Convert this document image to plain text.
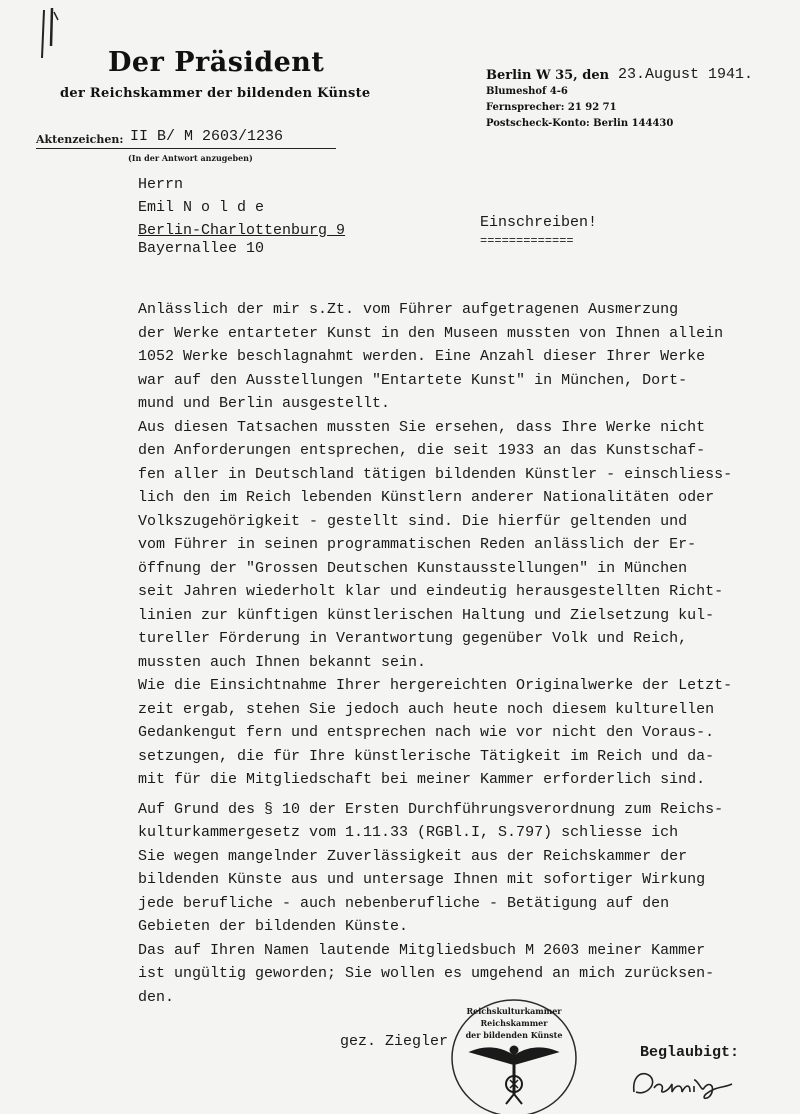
Der Präsident
der Reichskammer der bildenden Künste
Berlin W 35, den 23.August 1941.
Blumeshof 4-6
Fernsprecher: 21 92 71
Postscheck-Konto: Berlin 144430
Aktenzeichen: II B/ M 2603/1236
(In der Antwort anzugeben)
Herrn
Emil N o l d e
Berlin-Charlottenburg 9
Bayernallee 10
Einschreiben!
=============
Anlässlich der mir s.Zt. vom Führer aufgetragenen Ausmerzung
der Werke entarteter Kunst in den Museen mussten von Ihnen allein
1052 Werke beschlagnahmt werden. Eine Anzahl dieser Ihrer Werke
war auf den Ausstellungen "Entartete Kunst" in München, Dort-
mund und Berlin ausgestellt.
Aus diesen Tatsachen mussten Sie ersehen, dass Ihre Werke nicht
den Anforderungen entsprechen, die seit 1933 an das Kunstschaf-
fen aller in Deutschland tätigen bildenden Künstler - einschliess-
lich den im Reich lebenden Künstlern anderer Nationalitäten oder
Volkszugehörigkeit - gestellt sind. Die hierfür geltenden und
vom Führer in seinen programmatischen Reden anlässlich der Er-
öffnung der "Grossen Deutschen Kunstausstellungen" in München
seit Jahren wiederholt klar und eindeutig herausgestellten Richt-
linien zur künftigen künstlerischen Haltung und Zielsetzung kul-
tureller Förderung in Verantwortung gegenüber Volk und Reich,
mussten auch Ihnen bekannt sein.
Wie die Einsichtnahme Ihrer hergereichten Originalwerke der Letzt-
zeit ergab, stehen Sie jedoch auch heute noch diesem kulturellen
Gedankengut fern und entsprechen nach wie vor nicht den Voraus-.
setzungen, die für Ihre künstlerische Tätigkeit im Reich und da-
mit für die Mitgliedschaft bei meiner Kammer erforderlich sind.
Auf Grund des § 10 der Ersten Durchführungsverordnung zum Reichs-
kulturkammergesetz vom 1.11.33 (RGBl.I, S.797) schliesse ich
Sie wegen mangelnder Zuverlässigkeit aus der Reichskammer der
bildenden Künste aus und untersage Ihnen mit sofortiger Wirkung
jede berufliche - auch nebenberufliche - Betätigung auf den
Gebieten der bildenden Künste.
Das auf Ihren Namen lautende Mitgliedsbuch M 2603 meiner Kammer
ist ungültig geworden; Sie wollen es umgehend an mich zurücksen-
den.
gez. Ziegler
Beglaubigt:
Reichskulturkammer
Reichskammer
der bildenden Künste
